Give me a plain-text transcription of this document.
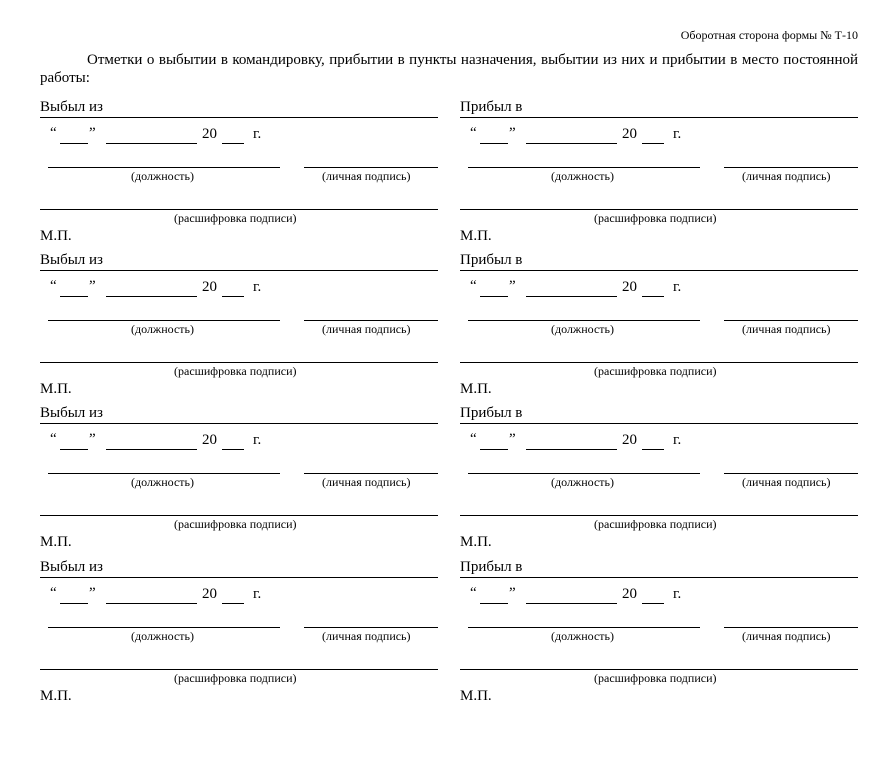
Оборотная сторона формы № Т-10

Отметки о выбытии в командировку, прибытии в пункты назначения, выбытии из них и прибытии в место постоянной работы:

Выбыл из
“ ”	20 г.
(должность)	(личная подпись)
(расшифровка подписи)
М.П.
Прибыл в
“ ”	20 г.
(должность)	(личная подпись)
(расшифровка подписи)
М.П.
Выбыл из
“ ”	20 г.
(должность)	(личная подпись)
(расшифровка подписи)
М.П.
Прибыл в
“ ”	20 г.
(должность)	(личная подпись)
(расшифровка подписи)
М.П.
Выбыл из
“ ”	20 г.
(должность)	(личная подпись)
(расшифровка подписи)
М.П.
Прибыл в
“ ”	20 г.
(должность)	(личная подпись)
(расшифровка подписи)
М.П.
Выбыл из
“ ”	20 г.
(должность)	(личная подпись)
(расшифровка подписи)
М.П.
Прибыл в
“ ”	20 г.
(должность)	(личная подпись)
(расшифровка подписи)
М.П.
